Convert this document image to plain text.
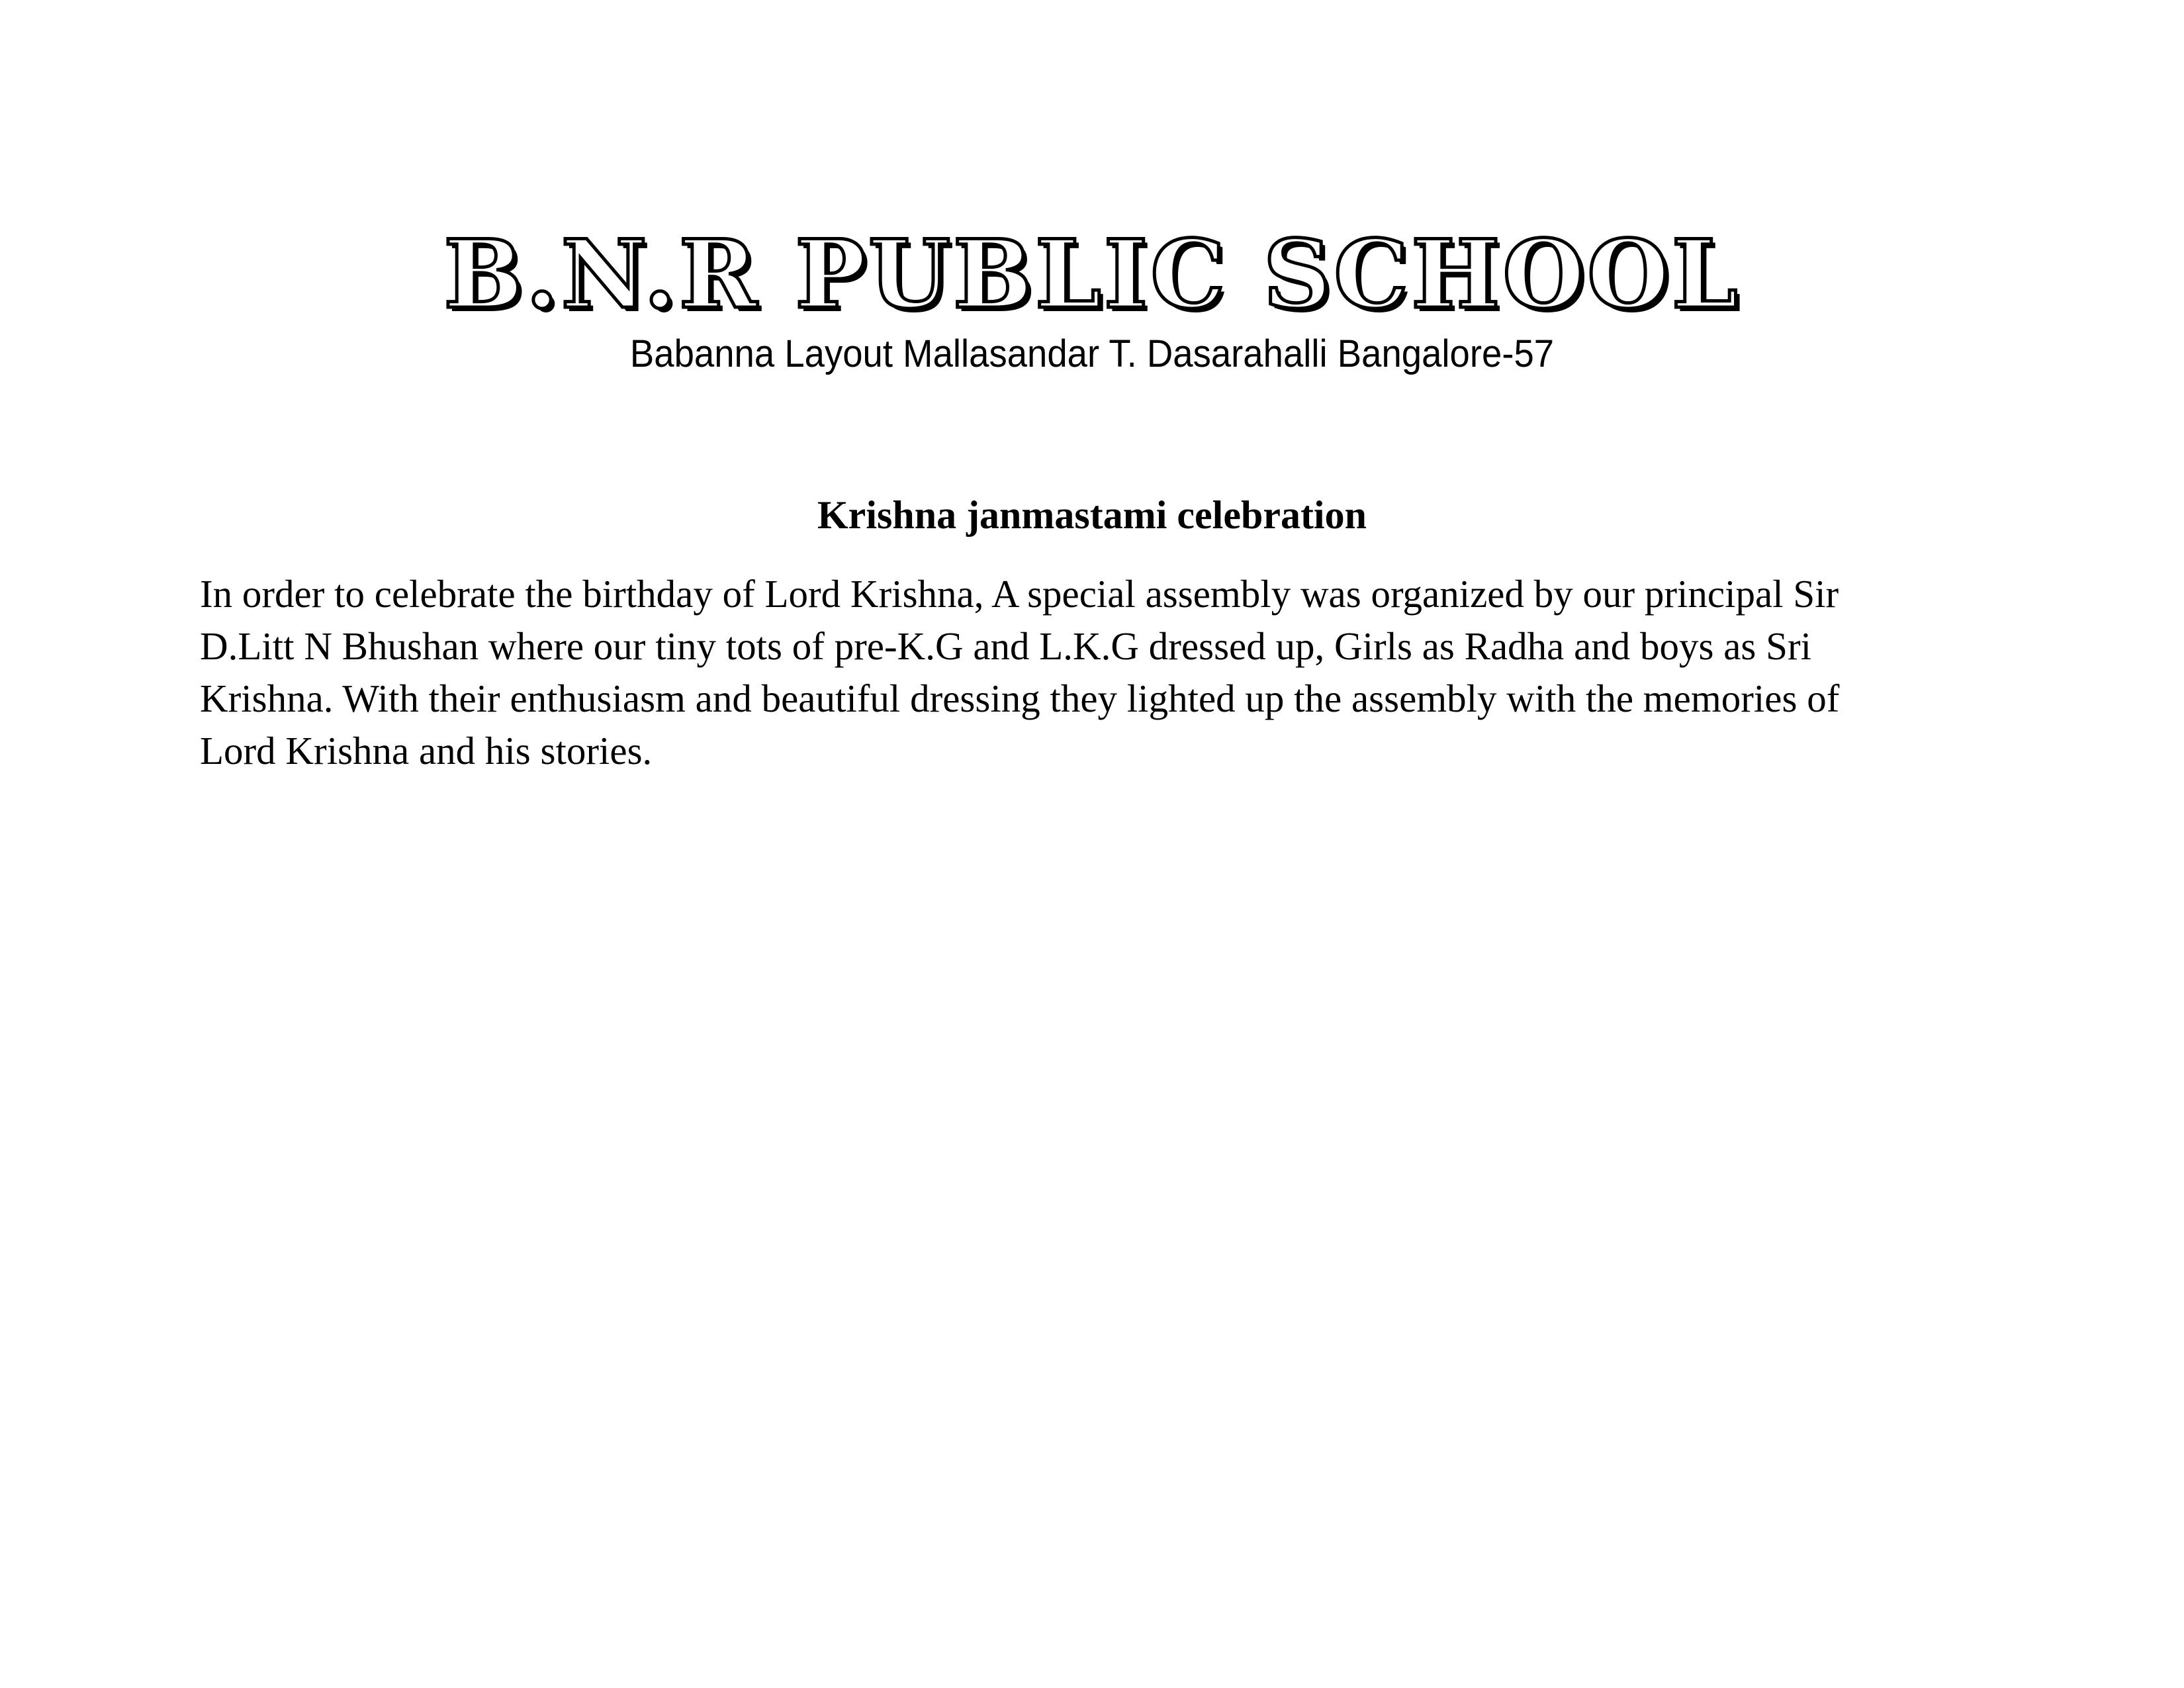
B.N.R PUBLIC SCHOOL
Babanna Layout Mallasandar T. Dasarahalli Bangalore-57
Krishna janmastami celebration
In order to celebrate the birthday of Lord Krishna, A special assembly was organized by our principal Sir
D.Litt N Bhushan where our tiny tots of pre-K.G and L.K.G dressed up, Girls as Radha and boys as Sri
Krishna. With their enthusiasm and beautiful dressing they lighted up the assembly with the memories of
Lord Krishna and his stories.
